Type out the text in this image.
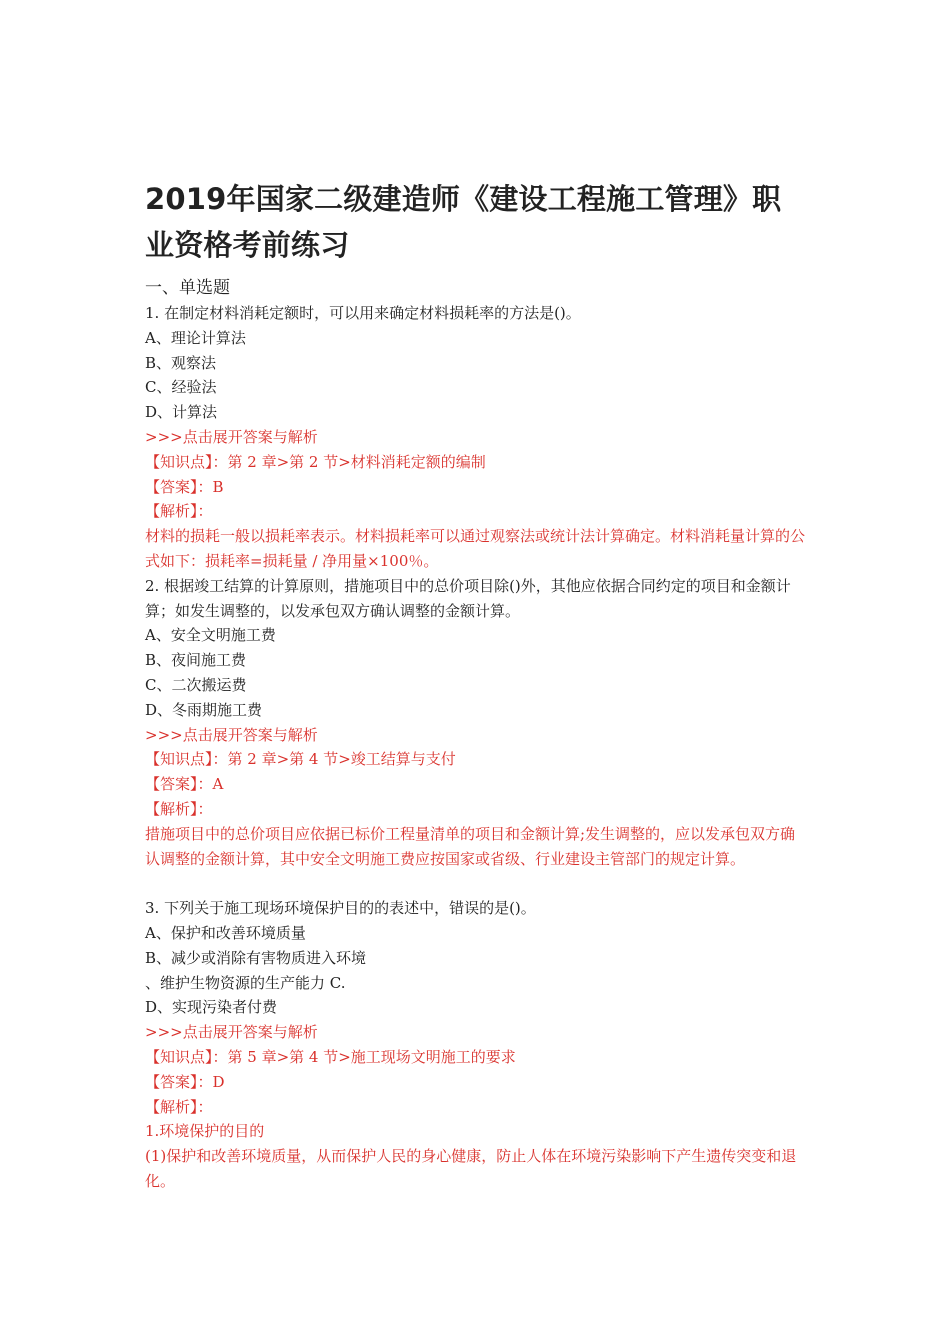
2019年国家二级建造师《建设工程施工管理》职业资格考前练习
一、单选题
1. 在制定材料消耗定额时，可以用来确定材料损耗率的方法是()。
A、理论计算法
B、观察法
C、经验法
D、计算法
>>>点击展开答案与解析
【知识点】：第 2 章>第 2 节>材料消耗定额的编制
【答案】：B
【解析】：
材料的损耗一般以损耗率表示。材料损耗率可以通过观察法或统计法计算确定。材料消耗量计算的公式如下：损耗率=损耗量 / 净用量×100％。
2. 根据竣工结算的计算原则，措施项目中的总价项目除()外，其他应依据合同约定的项目和金额计算；如发生调整的，以发承包双方确认调整的金额计算。
A、安全文明施工费
B、夜间施工费
C、二次搬运费
D、冬雨期施工费
>>>点击展开答案与解析
【知识点】：第 2 章>第 4 节>竣工结算与支付
【答案】：A
【解析】：
措施项目中的总价项目应依据已标价工程量清单的项目和金额计算;发生调整的，应以发承包双方确认调整的金额计算，其中安全文明施工费应按国家或省级、行业建设主管部门的规定计算。
3. 下列关于施工现场环境保护目的的表述中，错误的是()。
A、保护和改善环境质量
B、减少或消除有害物质进入环境
、维护生物资源的生产能力 C.
D、实现污染者付费
>>>点击展开答案与解析
【知识点】：第 5 章>第 4 节>施工现场文明施工的要求
【答案】：D
【解析】：
1.环境保护的目的
(1)保护和改善环境质量，从而保护人民的身心健康，防止人体在环境污染影响下产生遗传突变和退化。
